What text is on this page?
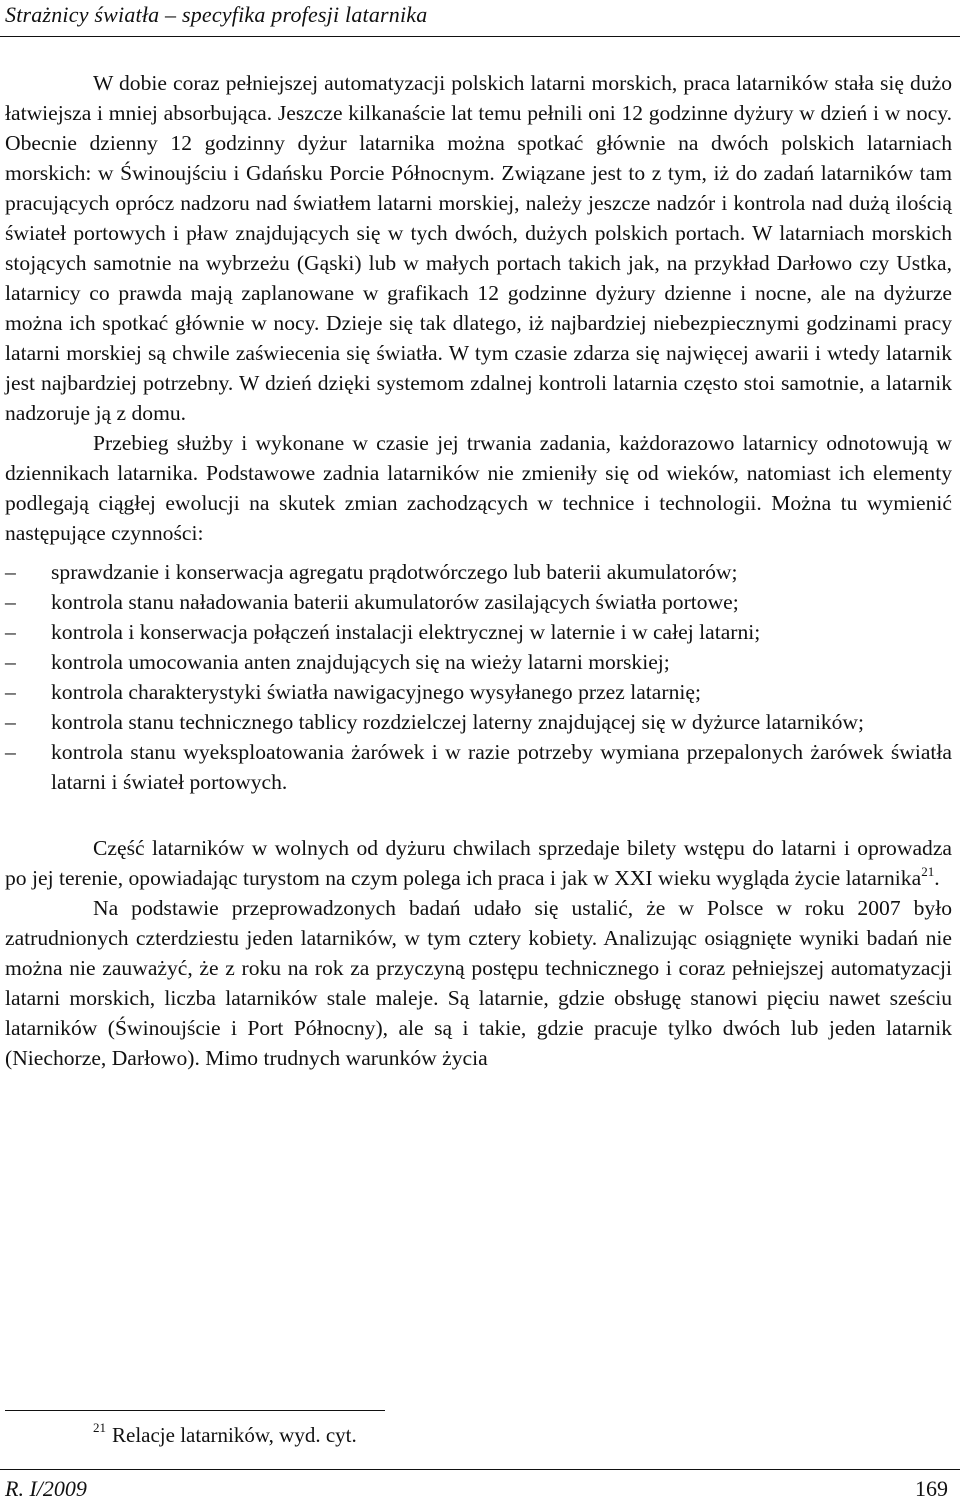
Strażnicy światła – specyfika profesji latarnika

W dobie coraz pełniejszej automatyzacji polskich latarni morskich, praca latarników stała się dużo łatwiejsza i mniej absorbująca. Jeszcze kilkanaście lat temu pełnili oni 12 godzinne dyżury w dzień i w nocy. Obecnie dzienny 12 godzinny dyżur latarnika można spotkać głównie na dwóch polskich latarniach morskich: w Świnoujściu i Gdańsku Porcie Północnym. Związane jest to z tym, iż do zadań latarników tam pracujących oprócz nadzoru nad światłem latarni morskiej, należy jeszcze nadzór i kontrola nad dużą ilością świateł portowych i pław znajdujących się w tych dwóch, dużych polskich portach. W latarniach morskich stojących samotnie na wybrzeżu (Gąski) lub w małych portach takich jak, na przykład Darłowo czy Ustka, latarnicy co prawda mają zaplanowane w grafikach 12 godzinne dyżury dzienne i nocne, ale na dyżurze można ich spotkać głównie w nocy. Dzieje się tak dlatego, iż najbardziej niebezpiecznymi godzinami pracy latarni morskiej są chwile zaświecenia się światła. W tym czasie zdarza się najwięcej awarii i wtedy latarnik jest najbardziej potrzebny. W dzień dzięki systemom zdalnej kontroli latarnia często stoi samotnie, a latarnik nadzoruje ją z domu.

Przebieg służby i wykonane w czasie jej trwania zadania, każdorazowo latarnicy odnotowują w dziennikach latarnika. Podstawowe zadnia latarników nie zmieniły się od wieków, natomiast ich elementy podlegają ciągłej ewolucji na skutek zmian zachodzących w technice i technologii. Można tu wymienić następujące czynności:

–	sprawdzanie i konserwacja agregatu prądotwórczego lub baterii akumulatorów;
–	kontrola stanu naładowania baterii akumulatorów zasilających światła portowe;
–	kontrola i konserwacja połączeń instalacji elektrycznej w laternie i w całej latarni;
–	kontrola umocowania anten znajdujących się na wieży latarni morskiej;
–	kontrola charakterystyki światła nawigacyjnego wysyłanego przez latarnię;
–	kontrola stanu technicznego tablicy rozdzielczej laterny znajdującej się w dyżurce latarników;
–	kontrola stanu wyeksploatowania żarówek i w razie potrzeby wymiana przepalonych żarówek światła latarni i świateł portowych.

Część latarników w wolnych od dyżuru chwilach sprzedaje bilety wstępu do latarni i oprowadza po jej terenie, opowiadając turystom na czym polega ich praca i jak w XXI wieku wygląda życie latarnika$^{21}$.

Na podstawie przeprowadzonych badań udało się ustalić, że w Polsce w roku 2007 było zatrudnionych czterdziestu jeden latarników, w tym cztery kobiety. Analizując osiągnięte wyniki badań nie można nie zauważyć, że z roku na rok za przyczyną postępu technicznego i coraz pełniejszej automatyzacji latarni morskich, liczba latarników stale maleje. Są latarnie, gdzie obsługę stanowi pięciu nawet sześciu latarników (Świnoujście i Port Północny), ale są i takie, gdzie pracuje tylko dwóch lub jeden latarnik (Niechorze, Darłowo). Mimo trudnych warunków życia

$^{21}$ Relacje latarników, wyd. cyt.
R. I/2009	169
